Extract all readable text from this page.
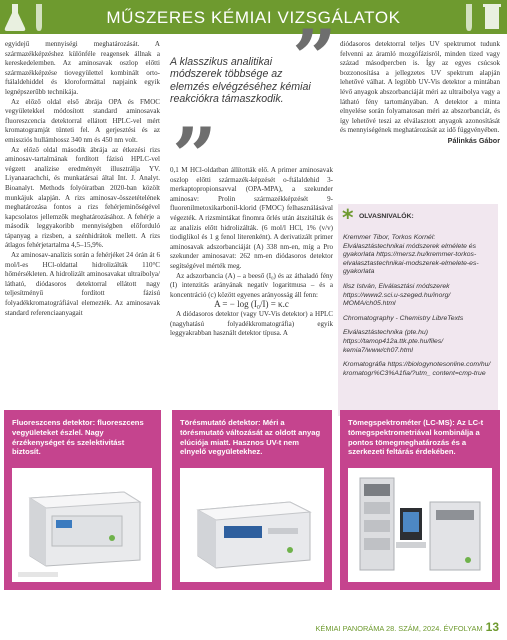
MŰSZERES KÉMIAI VIZSGÁLATOK

egyidejű mennyiségi meghatározását. A származékképzéshez különféle reagensek állnak a kereskedelemben. Az aminosavak oszlop előtti származékképzése tiovegyülettel kombinált orto-ftálaldehiddel és kloroformáttal napjaink egyik legnépszerűbb technikája.

Az előző oldal első ábrája OPA és FMOC vegyületekkel módosított standard aminosavak fluoreszcencia detektorral ellátott HPLC-vel mért kromatogramját tünteti fel. A gerjesztési és az emissziós hullámhossz 340 nm és 450 nm volt.

Az előző oldal második ábrája az étkezési rizs aminosav-tartalmának fordított fázisú HPLC-vel végzett analízise eredményét illusztrálja YV. Liyanaarachchi, és munkatársai által Int. J. Analyt. Bioanalyt. Methods folyóiratban 2020-ban közölt munkájuk alapján. A rizs aminosav-összetételének meghatározása fontos a rizs fehérjeminőségével kapcsolatos jellemzők meghatározásához. A fehérje a második leggyakoribb mennyiségben előforduló tápanyag a rizsben, a szénhidrátok mellett. A rizs átlagos fehérjetartalma 4,5–15,9%.

Az aminosav-analízis során a fehérjéket 24 órán át 6 mol/l-es HCl-oldattal hidrolizálták 110°C hőmérsékleten. A hidrolizált aminosavakat ultraibolya/ látható, diódasoros detektorral ellátott nagy teljesítményű fordított fázisú folyadékkromatográfiával elemezték. Az aminosavak standard referenciaanyagait

”
A klasszikus analitikai módszerek többsége az elemzés elvégzéséhez kémiai reakciókra támaszkodik.
”

0,1 M HCl-oldatban állították elő. A primer aminosavak oszlop előtti származék-képzését o-ftálaldehid 3-merkaptopropionsavval (OPA-MPA), a szekunder aminosav: Prolin származékképzését 9-fluorenilmetoxikarbonil-klorid (FMOC) felhasználásával végezték. A rizsmintákat finomra őrlés után átszitálták és az analízis előtt hidrolizálták. (6 mol/l HCl, 1% (v/v) tiodiglikol és 1 g fenol literenként). A derivatizált primer aminosavak adszorbanciáját (A) 338 nm-en, míg a Pro szekunder aminosavat: 262 nm-en diódasoros detektor segítségével mérték meg.

Az adszorbancia (A) – a beeső (I₀) és az áthaladó fény (I) intenzitás arányának negatív logaritmusa – és a koncentráció (c) között egyenes arányosság áll fenn:

A = − log (I₀/I) = κ.c

A diódasoros detektor (vagy UV-Vis detektor) a HPLC (nagyhatású folyadékkromatográfia) egyik leggyakrabban használt detektor típusa. A

diódasoros detektorral teljes UV spektrumot tudunk felvenni az áramló mozgófázisról, minden tized vagy század másodpercben is. Így az egyes csúcsok bozzonosítása a jellegzetes UV spektrum alapján lehetővé válhat. A legtöbb UV-Vis detektor a mintában lévő anyagok abszorbanciáját méri az ultraibolya vagy a látható fény tartományában. A detektor a minta elnyelése során folyamatosan méri az abszorbanciát, és így lehetővé teszi az elválasztott anyagok azonosítását és mennyiségének meghatározását az idő függvényében.

Pálinkás Gábor

* OLVASNIVALÓK:
Kremmer Tibor, Torkos Kornél: Elválasztástechnikai módszerek elmélete és gyakorlata https://mersz.hu/kremmer-torkos-elvalasztastechnikai-modszerek-elmelete-es-gyakorlata
Ilisz István, Elválasztási módszerek https://www2.sci.u-szeged.hu/inorg/ MOMA/ch05.html
Chromatography - Chemistry LibreTexts
Elválasztástechnika (pte.hu) https://tamop412a.ttk.pte.hu/files/ kemia7/www/ch07.html
Kromatográfia https://biologynotesonline.com/hu/ kromatogr%C3%A1fia/?utm_ content=cmp-true
Fluoreszcens detektor: fluoreszcens vegyületeket észlel. Nagy érzékenységet és szelektivitást biztosít.
Törésmutató detektor: Méri a törésmutató változását az oldott anyag elúciója miatt. Hasznos UV-t nem elnyelő vegyületekhez.
Tömegspektrométer (LC-MS): Az LC-t tömegspektrometriával kombinálja a pontos tömegmeghatározás és a szerkezeti feltárás érdekében.
KÉMIAI PANORÁMA 28. SZÁM, 2024. ÉVFOLYAM 13
